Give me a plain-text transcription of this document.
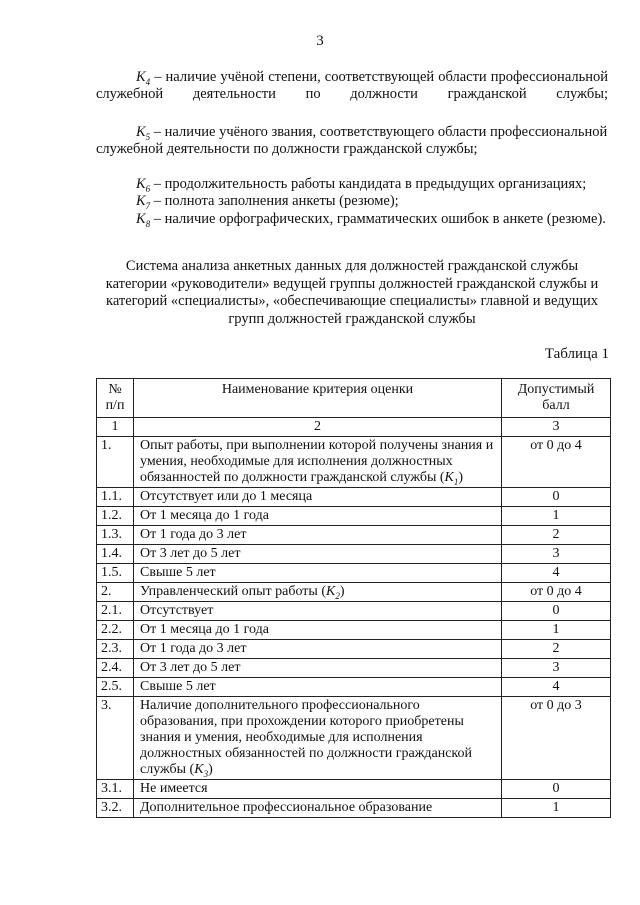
3
$K_4$ – наличие учёной степени, соответствующей области профессиональной служебной деятельности по должности гражданской службы;
$K_5$ – наличие учёного звания, соответствующего области профессиональной служебной деятельности по должности гражданской службы;
$K_6$ – продолжительность работы кандидата в предыдущих организациях;
$K_7$ – полнота заполнения анкеты (резюме);
$K_8$ – наличие орфографических, грамматических ошибок в анкете (резюме).
Система анализа анкетных данных для должностей гражданской службы категории «руководители» ведущей группы должностей гражданской службы и категорий «специалисты», «обеспечивающие специалисты» главной и ведущих групп должностей гражданской службы
Таблица 1
№ п/п	Наименование критерия оценки	Допустимый балл
1	2	3
1.	Опыт работы, при выполнении которой получены знания и умения, необходимые для исполнения должностных обязанностей по должности гражданской службы $(K_1)$	от 0 до 4
1.1.	Отсутствует или до 1 месяца	0
1.2.	От 1 месяца до 1 года	1
1.3.	От 1 года до 3 лет	2
1.4.	От 3 лет до 5 лет	3
1.5.	Свыше 5 лет	4
2.	Управленческий опыт работы $(K_2)$	от 0 до 4
2.1.	Отсутствует	0
2.2.	От 1 месяца до 1 года	1
2.3.	От 1 года до 3 лет	2
2.4.	От 3 лет до 5 лет	3
2.5.	Свыше 5 лет	4
3.	Наличие дополнительного профессионального образования, при прохождении которого приобретены знания и умения, необходимые для исполнения должностных обязанностей по должности гражданской службы $(K_3)$	от 0 до 3
3.1.	Не имеется	0
3.2.	Дополнительное профессиональное образование	1
